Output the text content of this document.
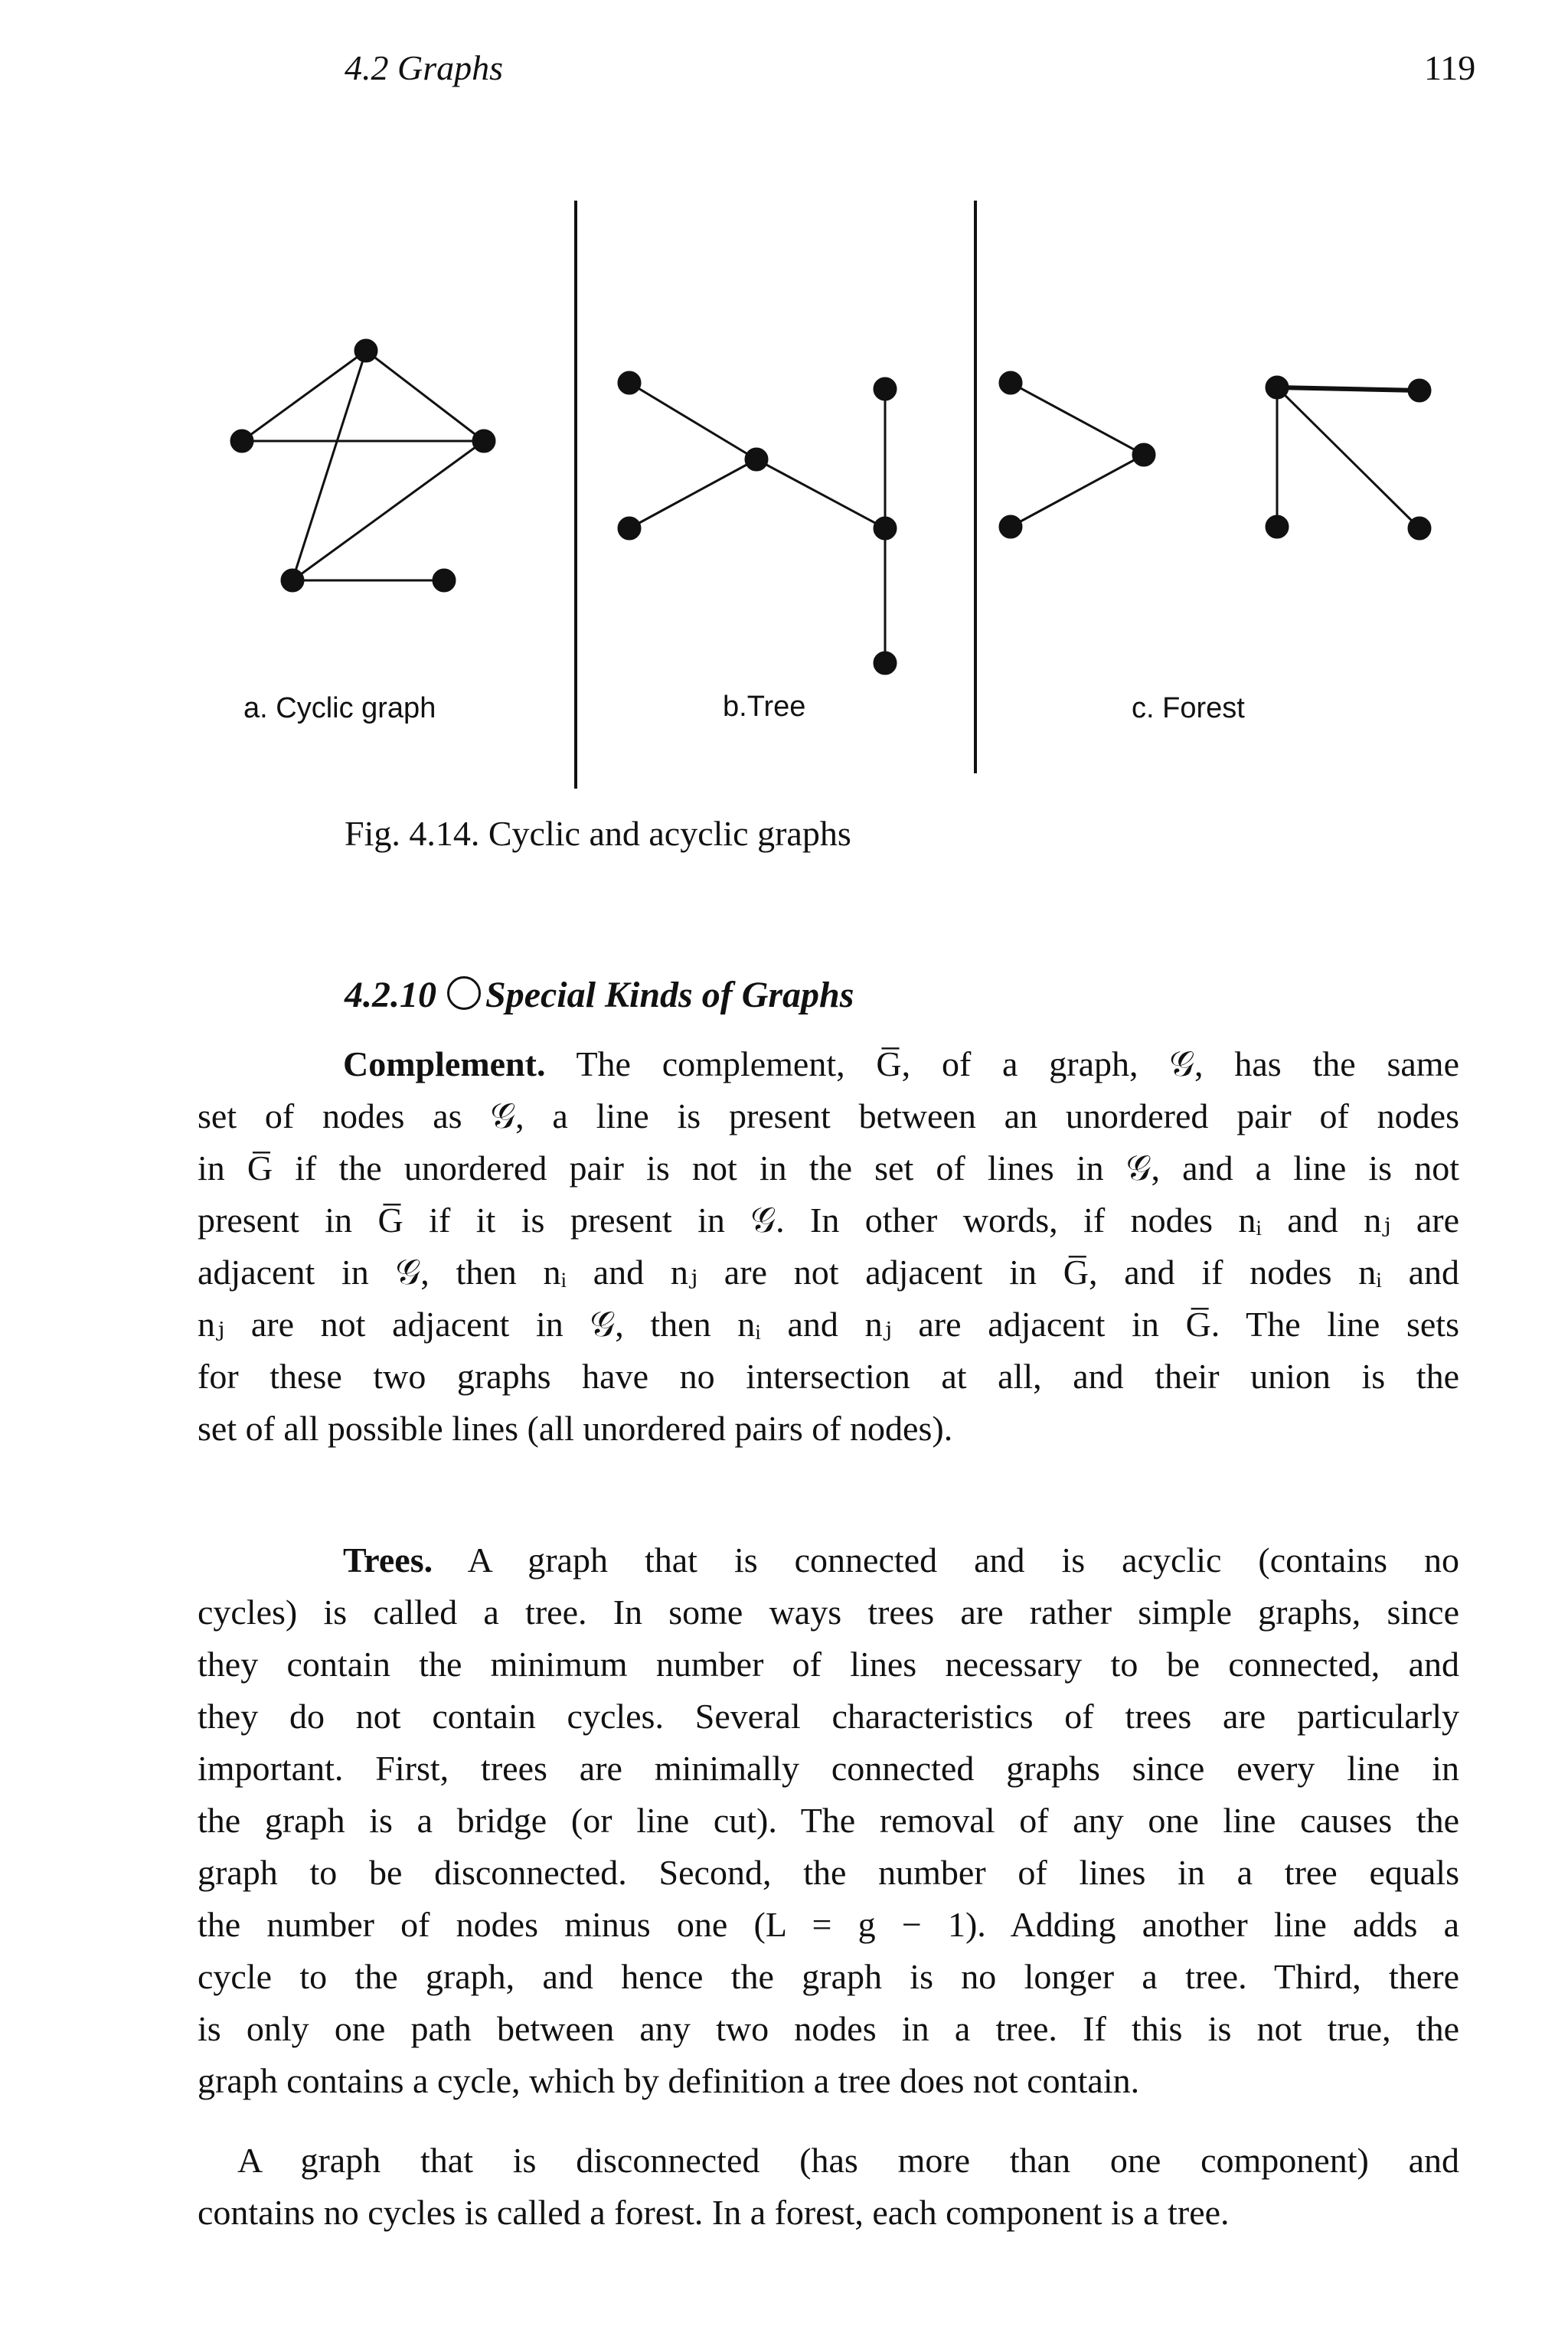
4.2 Graphs	119
a. Cyclic graph	b.Tree	c. Forest
Fig. 4.14. Cyclic and acyclic graphs
4.2.10 Special Kinds of Graphs
Complement. The complement, G̅, of a graph, 𝒢, has the same
set of nodes as 𝒢, a line is present between an unordered pair of nodes
in G̅ if the unordered pair is not in the set of lines in 𝒢, and a line is not
present in G̅ if it is present in 𝒢. In other words, if nodes nᵢ and nⱼ are
adjacent in 𝒢, then nᵢ and nⱼ are not adjacent in G̅, and if nodes nᵢ and
nⱼ are not adjacent in 𝒢, then nᵢ and nⱼ are adjacent in G̅. The line sets
for these two graphs have no intersection at all, and their union is the
set of all possible lines (all unordered pairs of nodes).
Trees. A graph that is connected and is acyclic (contains no
cycles) is called a tree. In some ways trees are rather simple graphs, since
they contain the minimum number of lines necessary to be connected, and
they do not contain cycles. Several characteristics of trees are particularly
important. First, trees are minimally connected graphs since every line in
the graph is a bridge (or line cut). The removal of any one line causes the
graph to be disconnected. Second, the number of lines in a tree equals
the number of nodes minus one (L = g − 1). Adding another line adds a
cycle to the graph, and hence the graph is no longer a tree. Third, there
is only one path between any two nodes in a tree. If this is not true, the
graph contains a cycle, which by definition a tree does not contain.
A graph that is disconnected (has more than one component) and
contains no cycles is called a forest. In a forest, each component is a tree.
